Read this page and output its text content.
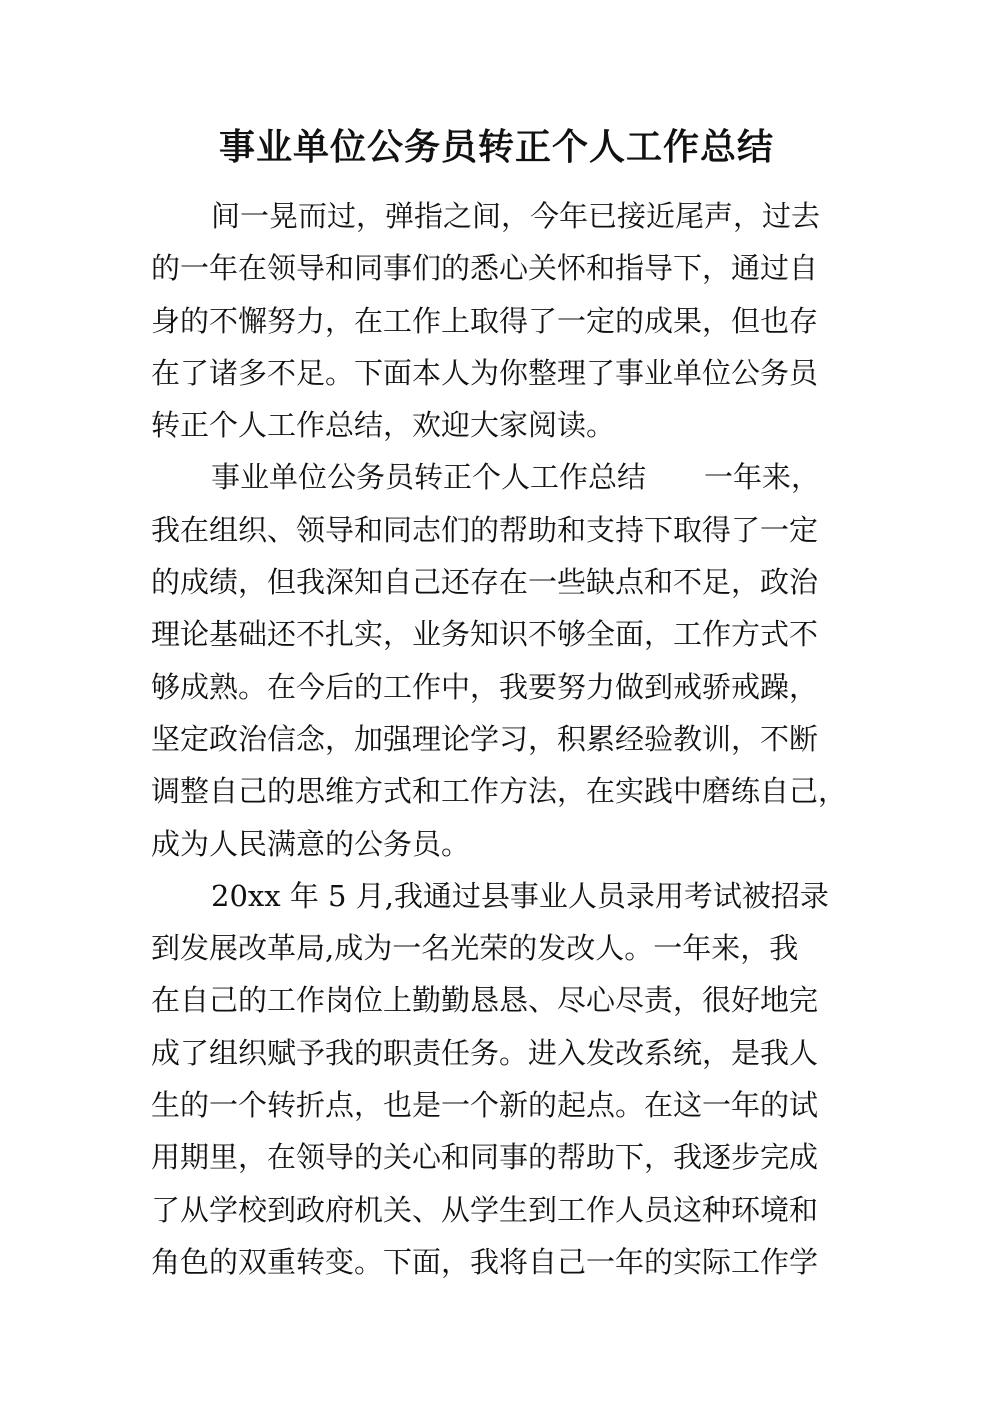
事业单位公务员转正个人工作总结
间一晃而过，弹指之间，今年已接近尾声，过去
的一年在领导和同事们的悉心关怀和指导下，通过自
身的不懈努力，在工作上取得了一定的成果，但也存
在了诸多不足。下面本人为你整理了事业单位公务员
转正个人工作总结，欢迎大家阅读。
事业单位公务员转正个人工作总结　　一年来，
我在组织、领导和同志们的帮助和支持下取得了一定
的成绩，但我深知自己还存在一些缺点和不足，政治
理论基础还不扎实，业务知识不够全面，工作方式不
够成熟。在今后的工作中，我要努力做到戒骄戒躁，
坚定政治信念，加强理论学习，积累经验教训，不断
调整自己的思维方式和工作方法，在实践中磨练自己，
成为人民满意的公务员。
20xx 年 5 月,我通过县事业人员录用考试被招录
到发展改革局,成为一名光荣的发改人。一年来，我
在自己的工作岗位上勤勤恳恳、尽心尽责，很好地完
成了组织赋予我的职责任务。进入发改系统，是我人
生的一个转折点，也是一个新的起点。在这一年的试
用期里，在领导的关心和同事的帮助下，我逐步完成
了从学校到政府机关、从学生到工作人员这种环境和
角色的双重转变。下面，我将自己一年的实际工作学
